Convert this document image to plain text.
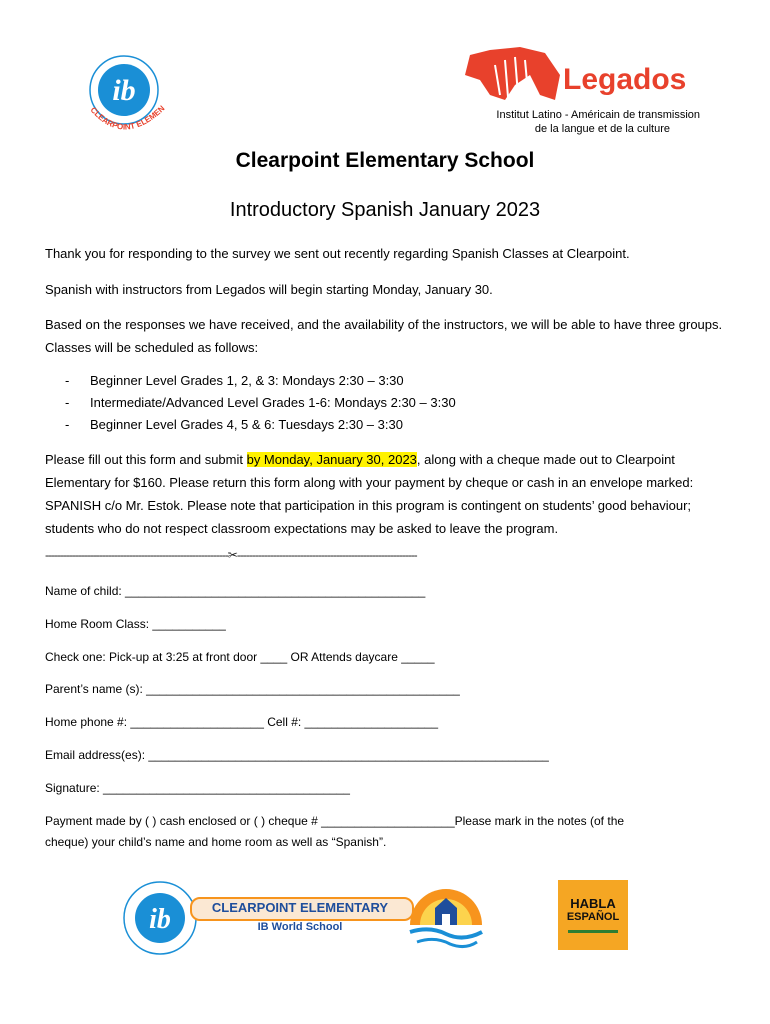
ib
CLEARPOINT ELEMEN
Legados
Institut Latino - Américain de transmission
de la langue et de la culture
Clearpoint Elementary School
Introductory Spanish January 2023
Thank you for responding to the survey we sent out recently regarding Spanish Classes at Clearpoint.
Spanish with instructors from Legados will begin starting Monday, January 30.
Based on the responses we have received, and the availability of the instructors, we will be able to have three groups. Classes will be scheduled as follows:
- Beginner Level Grades 1, 2, & 3: Mondays 2:30 – 3:30
- Intermediate/Advanced Level Grades 1-6: Mondays 2:30 – 3:30
- Beginner Level Grades 4, 5 & 6: Tuesdays 2:30 – 3:30
Please fill out this form and submit by Monday, January 30, 2023, along with a cheque made out to Clearpoint Elementary for $160. Please return this form along with your payment by cheque or cash in an envelope marked: SPANISH c/o Mr. Estok. Please note that participation in this program is contingent on students’ good behaviour; students who do not respect classroom expectations may be asked to leave the program.
-------------------------------------------------------------✂------------------------------------------------------------
Name of child: _____________________________________________
Home Room Class: ___________
Check one: Pick-up at 3:25 at front door ____ OR Attends daycare _____
Parent’s name (s): _______________________________________________
Home phone #: ____________________ Cell #: ____________________
Email address(es): ____________________________________________________________
Signature: _____________________________________
Payment made by ( ) cash enclosed or ( ) cheque # ____________________Please mark in the notes (of the
cheque) your child’s name and home room as well as “Spanish”.
ib	CLEARPOINT ELEMENTARY
IB World School
HABLA
ESPAÑOL
